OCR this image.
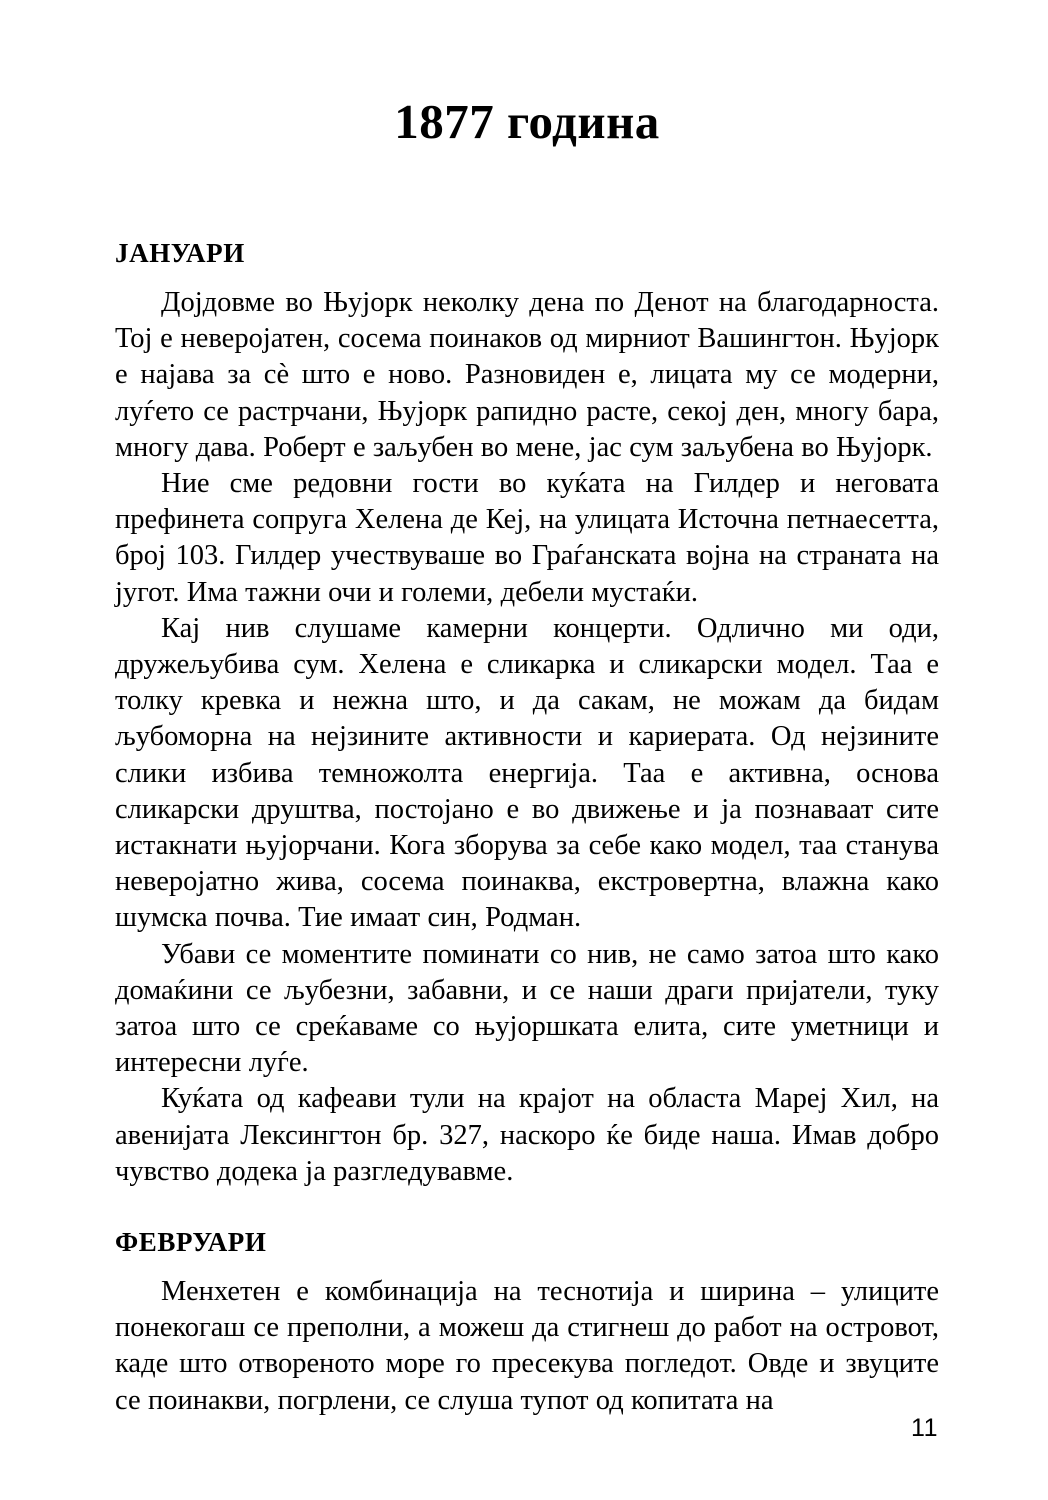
1877 година
ЈАНУАРИ

Дојдовме во Њујорк неколку дена по Денот на благодарноста. Тој е неверојатен, сосема поинаков од мирниот Вашингтон. Њујорк е најава за сѐ што е ново. Разновиден е, лицата му се модерни, луѓето се растрчани, Њујорк рапидно расте, секој ден, многу бара, многу дава. Роберт е заљубен во мене, јас сум заљубена во Њујорк.

Ние сме редовни гости во куќата на Гилдер и неговата префинета сопруга Хелена де Кеј, на улицата Источна петнаесетта, број 103. Гилдер учествуваше во Граѓанската војна на страната на југот. Има тажни очи и големи, дебели мустаќи.

Кај нив слушаме камерни концерти. Одлично ми оди, дружељубива сум. Хелена е сликарка и сликарски модел. Таа е толку кревка и нежна што, и да сакам, не можам да бидам љубоморна на нејзините активности и кариерата. Од нејзините слики избива темножолта енергија. Таа е активна, основа сликарски друштва, постојано е во движење и ја познаваат сите истакнати њујорчани. Кога зборува за себе како модел, таа станува неверојатно жива, сосема поинаква, екстровертна, влажна како шумска почва. Тие имаат син, Родман.

Убави се моментите поминати со нив, не само затоа што како домаќини се љубезни, забавни, и се наши драги пријатели, туку затоа што се среќаваме со њујоршката елита, сите уметници и интересни луѓе.

Куќата од кафеави тули на крајот на областа Мареј Хил, на авенијата Лексингтон бр. 327, наскоро ќе биде наша. Имав добро чувство додека ја разгледувавме.

ФЕВРУАРИ

Менхетен е комбинација на теснотија и ширина – улиците понекогаш се преполни, а можеш да стигнеш до работ на островот, каде што отвореното море го пресекува погледот. Овде и звуците се поинакви, погрлени, се слуша тупот од копитата на

11
